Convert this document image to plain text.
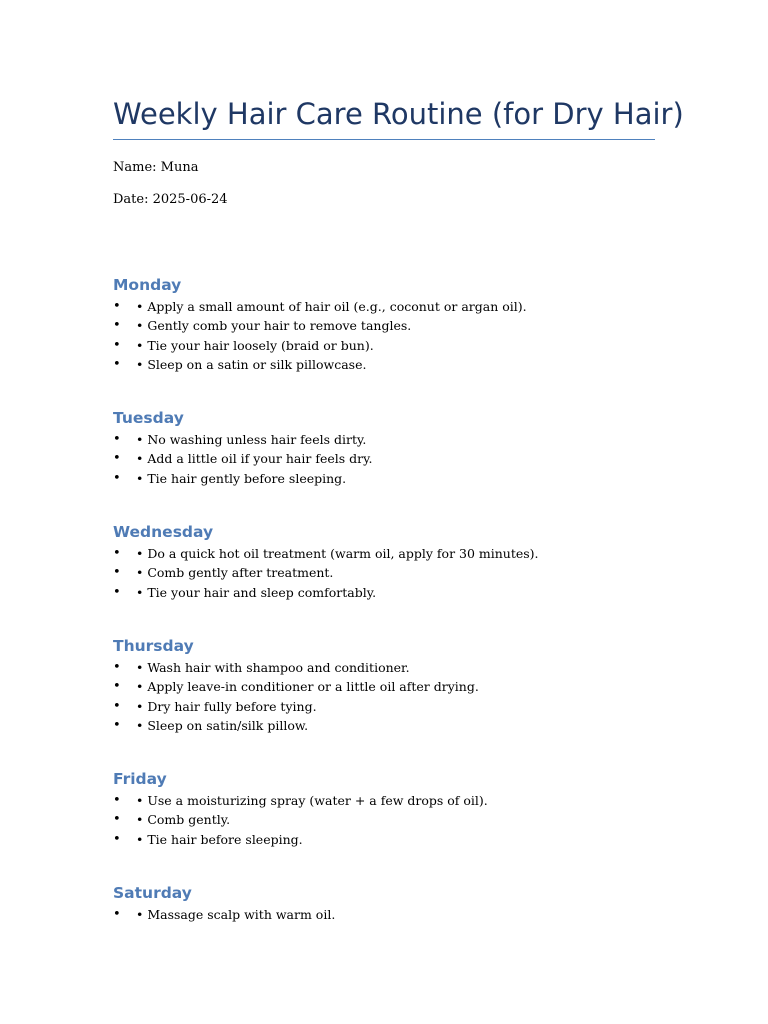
Weekly Hair Care Routine (for Dry Hair)

Name: Muna

Date: 2025-06-24

Monday
• • Apply a small amount of hair oil (e.g., coconut or argan oil).
• • Gently comb your hair to remove tangles.
• • Tie your hair loosely (braid or bun).
• • Sleep on a satin or silk pillowcase.
Tuesday
• • No washing unless hair feels dirty.
• • Add a little oil if your hair feels dry.
• • Tie hair gently before sleeping.
Wednesday
• • Do a quick hot oil treatment (warm oil, apply for 30 minutes).
• • Comb gently after treatment.
• • Tie your hair and sleep comfortably.
Thursday
• • Wash hair with shampoo and conditioner.
• • Apply leave-in conditioner or a little oil after drying.
• • Dry hair fully before tying.
• • Sleep on satin/silk pillow.
Friday
• • Use a moisturizing spray (water + a few drops of oil).
• • Comb gently.
• • Tie hair before sleeping.
Saturday
• • Massage scalp with warm oil.
